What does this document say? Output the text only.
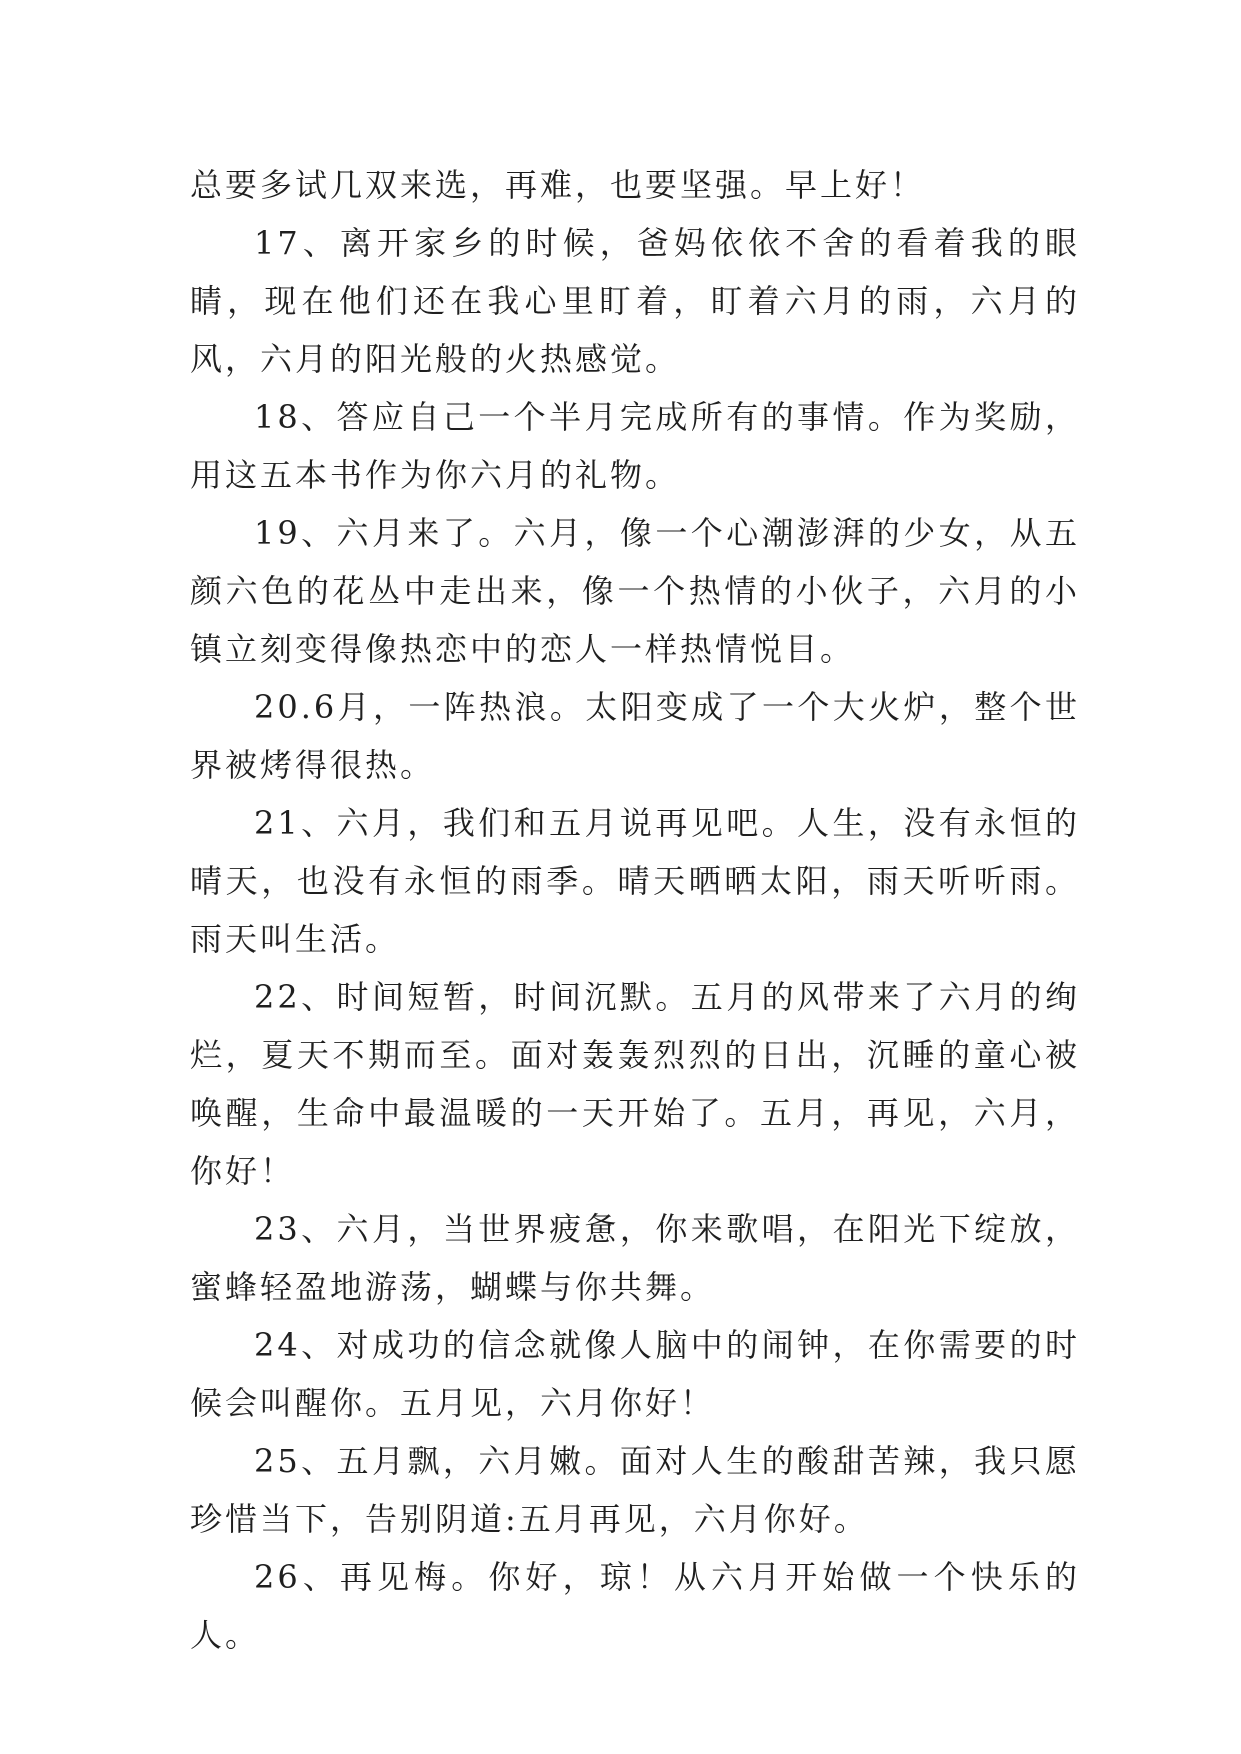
总要多试几双来选，再难，也要坚强。早上好！

17、离开家乡的时候，爸妈依依不舍的看着我的眼睛，现在他们还在我心里盯着，盯着六月的雨，六月的风，六月的阳光般的火热感觉。

18、答应自己一个半月完成所有的事情。作为奖励，用这五本书作为你六月的礼物。

19、六月来了。六月，像一个心潮澎湃的少女，从五颜六色的花丛中走出来，像一个热情的小伙子，六月的小镇立刻变得像热恋中的恋人一样热情悦目。

20.6月，一阵热浪。太阳变成了一个大火炉，整个世界被烤得很热。

21、六月，我们和五月说再见吧。人生，没有永恒的晴天，也没有永恒的雨季。晴天晒晒太阳，雨天听听雨。雨天叫生活。

22、时间短暂，时间沉默。五月的风带来了六月的绚烂，夏天不期而至。面对轰轰烈烈的日出，沉睡的童心被唤醒，生命中最温暖的一天开始了。五月，再见，六月，你好！

23、六月，当世界疲惫，你来歌唱，在阳光下绽放，蜜蜂轻盈地游荡，蝴蝶与你共舞。

24、对成功的信念就像人脑中的闹钟，在你需要的时候会叫醒你。五月见，六月你好！

25、五月飘，六月嫩。面对人生的酸甜苦辣，我只愿珍惜当下，告别阴道:五月再见，六月你好。

26、再见梅。你好，琼！从六月开始做一个快乐的人。
